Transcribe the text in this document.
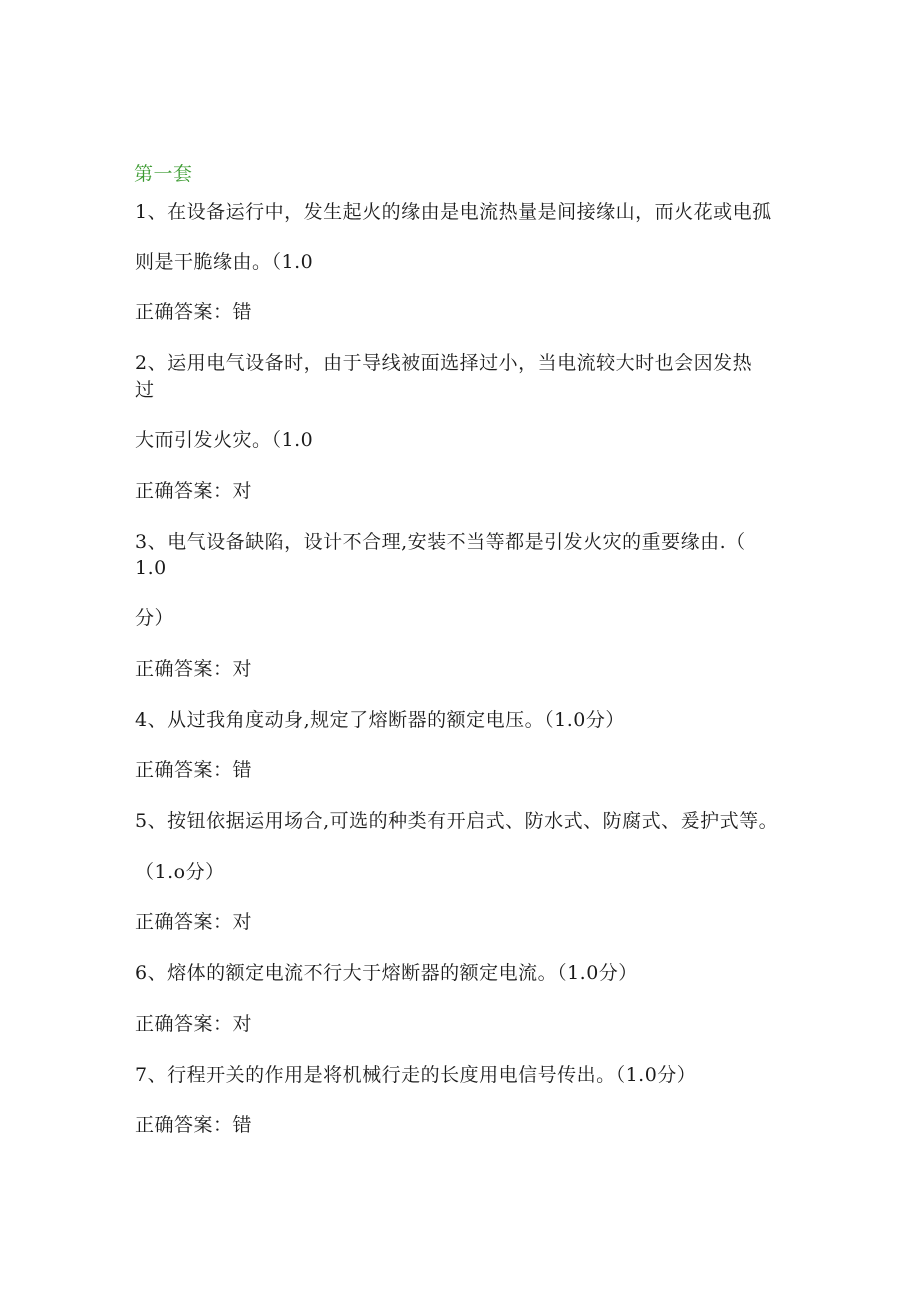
第一套
1、在设备运行中，发生起火的缘由是电流热量是间接缘山，而火花或电孤
则是干脆缘由。（1.0
正确答案：错
2、运用电气设备时，由于导线被面选择过小，当电流较大时也会因发热
过
大而引发火灾。（1.0
正确答案：对
3、电气设备缺陷，设计不合理,安装不当等都是引发火灾的重要缘由.（
1.0
分）
正确答案：对
4、从过我角度动身,规定了熔断器的额定电压。（1.0分）
正确答案：错
5、按钮依据运用场合,可选的种类有开启式、防水式、防腐式、爰护式等。
（1.o分）
正确答案：对
6、熔体的额定电流不行大于熔断器的额定电流。（1.0分）
正确答案：对
7、行程开关的作用是将机械行走的长度用电信号传出。（1.0分）
正确答案：错
